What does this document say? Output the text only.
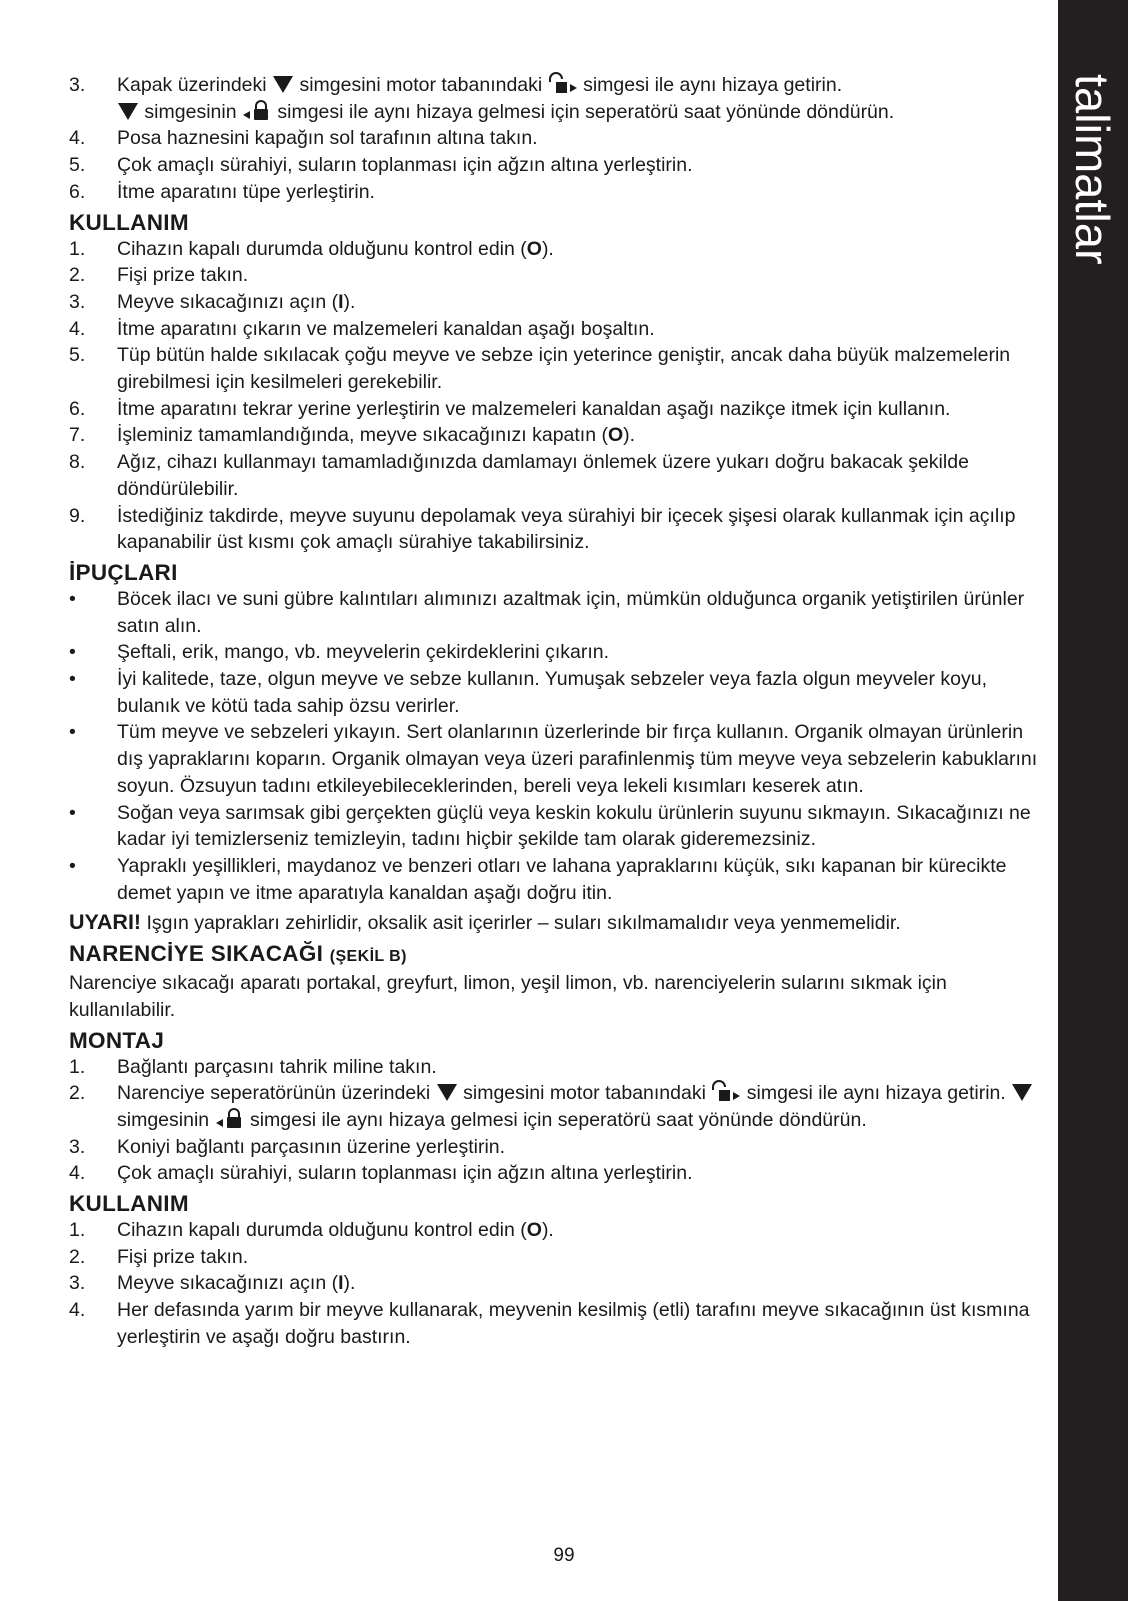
talimatlar
3.	Kapak üzerindeki simgesini motor tabanındaki simgesi ile aynı hizaya getirin.
simgesinin simgesi ile aynı hizaya gelmesi için seperatörü saat yönünde döndürün.
4.	Posa haznesini kapağın sol tarafının altına takın.
5.	Çok amaçlı sürahiyi, suların toplanması için ağzın altına yerleştirin.
6.	İtme aparatını tüpe yerleştirin.
KULLANIM
1.	Cihazın kapalı durumda olduğunu kontrol edin (O).
2.	Fişi prize takın.
3.	Meyve sıkacağınızı açın (I).
4.	İtme aparatını çıkarın ve malzemeleri kanaldan aşağı boşaltın.
5.	Tüp bütün halde sıkılacak çoğu meyve ve sebze için yeterince geniştir, ancak daha büyük malzemelerin girebilmesi için kesilmeleri gerekebilir.
6.	İtme aparatını tekrar yerine yerleştirin ve malzemeleri kanaldan aşağı nazikçe itmek için kullanın.
7.	İşleminiz tamamlandığında, meyve sıkacağınızı kapatın (O).
8.	Ağız, cihazı kullanmayı tamamladığınızda damlamayı önlemek üzere yukarı doğru bakacak şekilde döndürülebilir.
9.	İstediğiniz takdirde, meyve suyunu depolamak veya sürahiyi bir içecek şişesi olarak kullanmak için açılıp kapanabilir üst kısmı çok amaçlı sürahiye takabilirsiniz.
İPUÇLARI
•	Böcek ilacı ve suni gübre kalıntıları alımınızı azaltmak için, mümkün olduğunca organik yetiştirilen ürünler satın alın.
•	Şeftali, erik, mango, vb. meyvelerin çekirdeklerini çıkarın.
•	İyi kalitede, taze, olgun meyve ve sebze kullanın. Yumuşak sebzeler veya fazla olgun meyveler koyu, bulanık ve kötü tada sahip özsu verirler.
•	Tüm meyve ve sebzeleri yıkayın. Sert olanlarının üzerlerinde bir fırça kullanın. Organik olmayan ürünlerin dış yapraklarını koparın. Organik olmayan veya üzeri parafinlenmiş tüm meyve veya sebzelerin kabuklarını soyun. Özsuyun tadını etkileyebileceklerinden, bereli veya lekeli kısımları keserek atın.
•	Soğan veya sarımsak gibi gerçekten güçlü veya keskin kokulu ürünlerin suyunu sıkmayın. Sıkacağınızı ne kadar iyi temizlerseniz temizleyin, tadını hiçbir şekilde tam olarak gideremezsiniz.
•	Yapraklı yeşillikleri, maydanoz ve benzeri otları ve lahana yapraklarını küçük, sıkı kapanan bir kürecikte demet yapın ve itme aparatıyla kanaldan aşağı doğru itin.
UYARI! Işgın yaprakları zehirlidir, oksalik asit içerirler – suları sıkılmamalıdır veya yenmemelidir.
NARENCİYE SIKACAĞI (ŞEKİL B)
Narenciye sıkacağı aparatı portakal, greyfurt, limon, yeşil limon, vb. narenciyelerin sularını sıkmak için kullanılabilir.
MONTAJ
1.	Bağlantı parçasını tahrik miline takın.
2.	Narenciye seperatörünün üzerindeki simgesini motor tabanındaki simgesi ile aynı hizaya getirin.  simgesinin simgesi ile aynı hizaya gelmesi için seperatörü saat yönünde döndürün.
3.	Koniyi bağlantı parçasının üzerine yerleştirin.
4.	Çok amaçlı sürahiyi, suların toplanması için ağzın altına yerleştirin.
KULLANIM
1.	Cihazın kapalı durumda olduğunu kontrol edin (O).
2.	Fişi prize takın.
3.	Meyve sıkacağınızı açın (I).
4.	Her defasında yarım bir meyve kullanarak, meyvenin kesilmiş (etli) tarafını meyve sıkacağının üst kısmına yerleştirin ve aşağı doğru bastırın.
99
